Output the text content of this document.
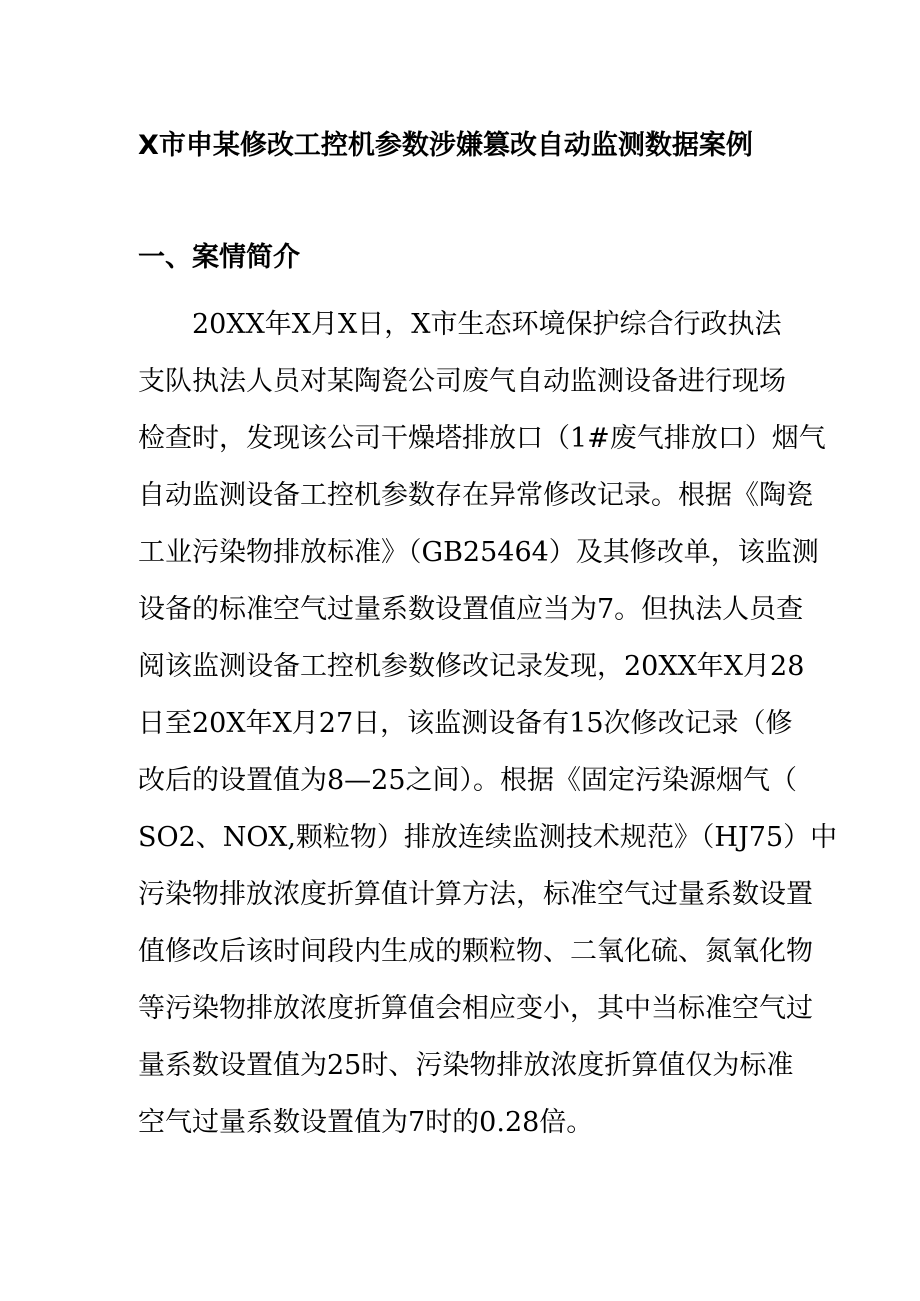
X市申某修改工控机参数涉嫌篡改自动监测数据案例
一、案情简介
　　20XX年X月X日，X市生态环境保护综合行政执法
支队执法人员对某陶瓷公司废气自动监测设备进行现场
检查时，发现该公司干燥塔排放口（1#废气排放口）烟气
自动监测设备工控机参数存在异常修改记录。根据《陶瓷
工业污染物排放标准》（GB25464）及其修改单，该监测
设备的标准空气过量系数设置值应当为7。但执法人员查
阅该监测设备工控机参数修改记录发现，20XX年X月28
日至20X年X月27日，该监测设备有15次修改记录（修
改后的设置值为8—25之间）。根据《固定污染源烟气（
SO2、NOX,颗粒物）排放连续监测技术规范》（HJ75）中
污染物排放浓度折算值计算方法，标准空气过量系数设置
值修改后该时间段内生成的颗粒物、二氧化硫、氮氧化物
等污染物排放浓度折算值会相应变小，其中当标准空气过
量系数设置值为25时、污染物排放浓度折算值仅为标准
空气过量系数设置值为7时的0.28倍。
